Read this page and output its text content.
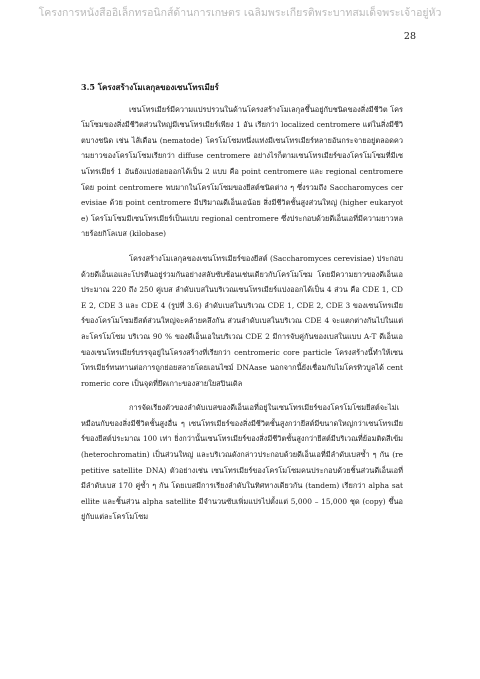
โครงการหนังสืออิเล็กทรอนิกส์ด้านการเกษตร เฉลิมพระเกียรติพระบาทสมเด็จพระเจ้าอยู่หัว
28
3.5 โครงสร้างโมเลกุลของเซนโทรเมียร์

เซนโทรเมียร์มีความแปรปรวนในด้านโครงสร้างโมเลกุลขึ้นอยู่กับชนิดของสิ่งมีชีวิต โครโมโซมของสิ่งมีชีวิตส่วนใหญ่มีเซนโทรเมียร์เพียง 1 อัน เรียกว่า localized centromere แต่ในสิ่งมีชีวิตบางชนิด เช่น ไส้เดือน (nematode) โครโมโซมหนึ่งแท่งมีเซนโทรเมียร์หลายอันกระจายอยู่ตลอดความยาวของโครโมโซมเรียกว่า diffuse centromere อย่างไรก็ตามเซนโทรเมียร์ของโครโมโซมที่มีเซนโทรเมียร์ 1 อันยังแบ่งย่อยออกได้เป็น 2 แบบ คือ point centromere และ regional centromere โดย point centromere พบมากในโครโมโซมของยีสต์ชนิดต่าง ๆ ซึ่งรวมถึง Saccharomyces cerevisiae ด้วย point centromere มีปริมาณดีเอ็นเอน้อย สิ่งมีชีวิตชั้นสูงส่วนใหญ่ (higher eukaryote) โครโมโซมมีเซนโทรเมียร์เป็นแบบ regional centromere ซึ่งประกอบด้วยดีเอ็นเอที่มีความยาวหลายร้อยกิโลเบส (kilobase)

โครงสร้างโมเลกุลของเซนโทรเมียร์ของยีสต์ (Saccharomyces cerevisiae) ประกอบด้วยดีเอ็นเอและโปรตีนอยู่ร่วมกันอย่างสลับซับซ้อนเช่นเดียวกับโครโมโซม โดยมีความยาวของดีเอ็นเอประมาณ 220 ถึง 250 คู่เบส ลำดับเบสในบริเวณเซนโทรเมียร์แบ่งออกได้เป็น 4 ส่วน คือ CDE 1, CDE 2, CDE 3 และ CDE 4 (รูปที่ 3.6) ลำดับเบสในบริเวณ CDE 1, CDE 2, CDE 3 ของเซนโทรเมียร์ของโครโมโซมยีสต์ส่วนใหญ่จะคล้ายคลึงกัน ส่วนลำดับเบสในบริเวณ CDE 4 จะแตกต่างกันไปในแต่ละโครโมโซม บริเวณ 90 % ของดีเอ็นเอในบริเวณ CDE 2 มีการจับคู่กันของเบสในแบบ A-T ดีเอ็นเอของเซนโทรเมียร์บรรจุอยู่ในโครงสร้างที่เรียกว่า centromeric core particle โครงสร้างนี้ทำให้เซนโทรเมียร์ทนทานต่อการถูกย่อยสลายโดยเอนไซม์ DNAase นอกจากนี้ยังเชื่อมกับไมโครทิวบูลได้ centromeric core เป็นจุดที่ยึดเกาะของสายใยสปินเดิล

การจัดเรียงตัวของลำดับเบสของดีเอ็นเอที่อยู่ในเซนโทรเมียร์ของโครโมโซมยีสต์จะไม่เหมือนกับของสิ่งมีชีวิตชั้นสูงอื่น ๆ เซนโทรเมียร์ของสิ่งมีชีวิตชั้นสูงกว่ายีสต์มีขนาดใหญ่กว่าเซนโทรเมียร์ของยีสต์ประมาณ 100 เท่า ยิ่งกว่านั้นเซนโทรเมียร์ของสิ่งมีชีวิตชั้นสูงกว่ายีสต์มีบริเวณที่ย้อมติดสีเข้ม (heterochromatin) เป็นส่วนใหญ่ และบริเวณดังกล่าวประกอบด้วยดีเอ็นเอที่มีลำดับเบสซ้ำ ๆ กัน (repetitive satellite DNA) ตัวอย่างเช่น เซนโทรเมียร์ของโครโมโซมคนประกอบด้วยชิ้นส่วนดีเอ็นเอที่มีลำดับเบส 170 คู่ซ้ำ ๆ กัน โดยเบสมีการเรียงลำดับในทิศทางเดียวกัน (tandem) เรียกว่า alpha satellite และชิ้นส่วน alpha satellite มีจำนวนซับเพิ่มแปรไปตั้งแต่ 5,000 – 15,000 ชุด (copy) ขึ้นอยู่กับแต่ละโครโมโซม
